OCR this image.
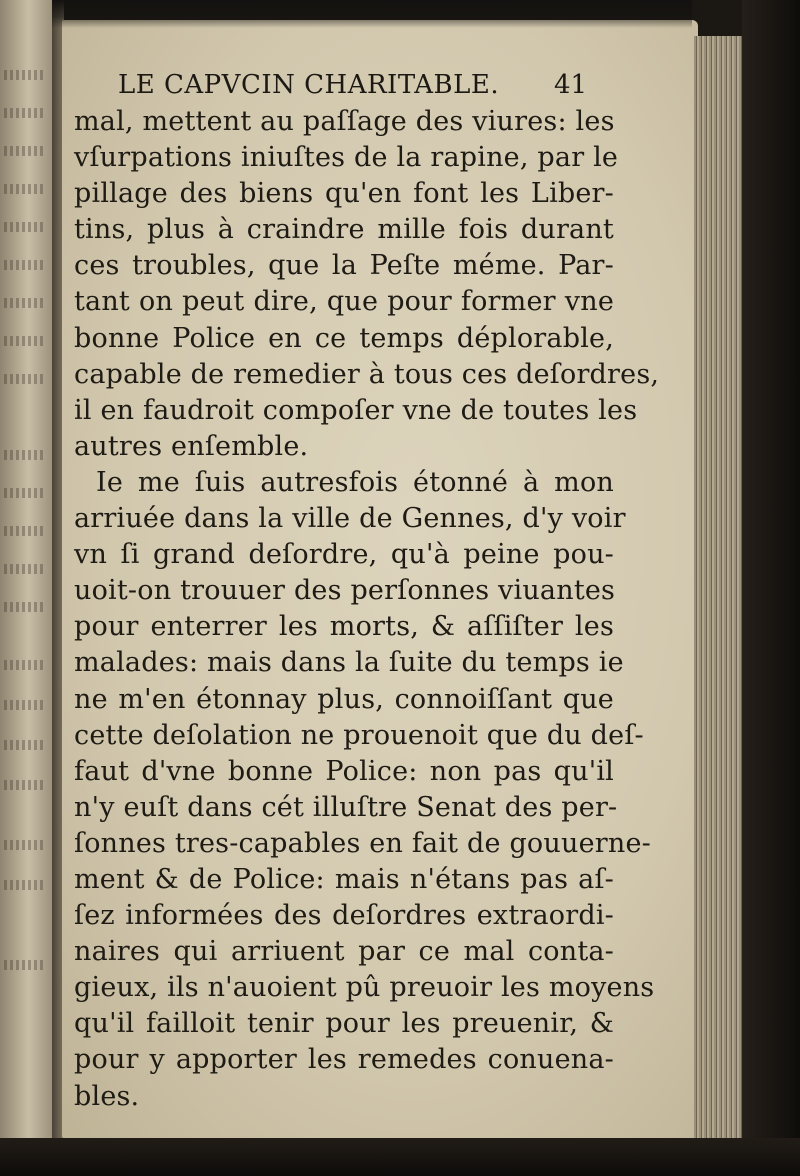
LE CAPVCIN CHARITABLE.	41
mal, mettent au paſſage des viures: les
vſurpations iniuſtes de la rapine, par le
pillage des biens qu'en font les Liber-
tins, plus à craindre mille fois durant
ces troubles, que la Peſte méme. Par-
tant on peut dire, que pour former vne
bonne Police en ce temps déplorable,
capable de remedier à tous ces deſordres,
il en faudroit compoſer vne de toutes les
autres enſemble.
Ie me ſuis autresfois étonné à mon
arriuée dans la ville de Gennes, d'y voir
vn ſi grand deſordre, qu'à peine pou-
uoit-on trouuer des perſonnes viuantes
pour enterrer les morts, & aſſiſter les
malades: mais dans la ſuite du temps ie
ne m'en étonnay plus, connoiſſant que
cette deſolation ne prouenoit que du deſ-
faut d'vne bonne Police: non pas qu'il
n'y euſt dans cét illuſtre Senat des per-
ſonnes tres-capables en fait de gouuerne-
ment & de Police: mais n'étans pas aſ-
ſez informées des deſordres extraordi-
naires qui arriuent par ce mal conta-
gieux, ils n'auoient pû preuoir les moyens
qu'il failloit tenir pour les preuenir, &
pour y apporter les remedes conuena-
bles.
